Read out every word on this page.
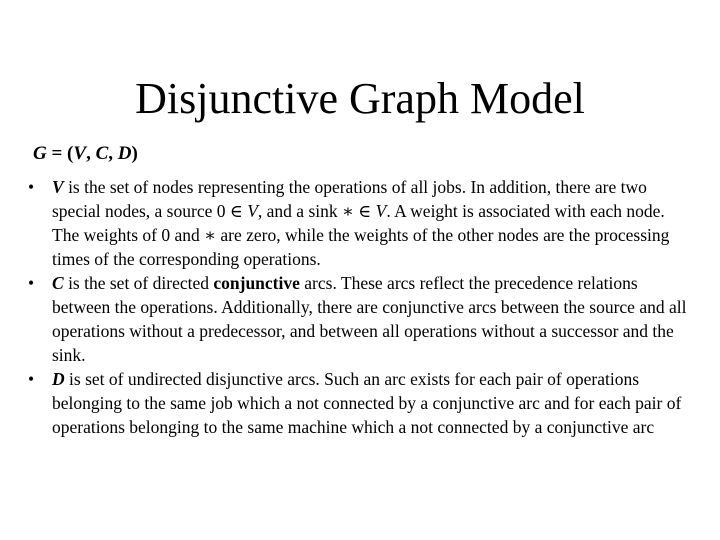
Disjunctive Graph Model
G = (V, C, D)
•	V is the set of nodes representing the operations of all jobs. In addition, there are two special nodes, a source 0 ∈ V, and a sink ∗ ∈ V. A weight is associated with each node. The weights of 0 and ∗ are zero, while the weights of the other nodes are the processing times of the corresponding operations.
•	C is the set of directed conjunctive arcs. These arcs reflect the precedence relations between the operations. Additionally, there are conjunctive arcs between the source and all operations without a predecessor, and between all operations without a successor and the sink.
•	D is set of undirected disjunctive arcs. Such an arc exists for each pair of operations belonging to the same job which a not connected by a conjunctive arc and for each pair of operations belonging to the same machine which a not connected by a conjunctive arc
